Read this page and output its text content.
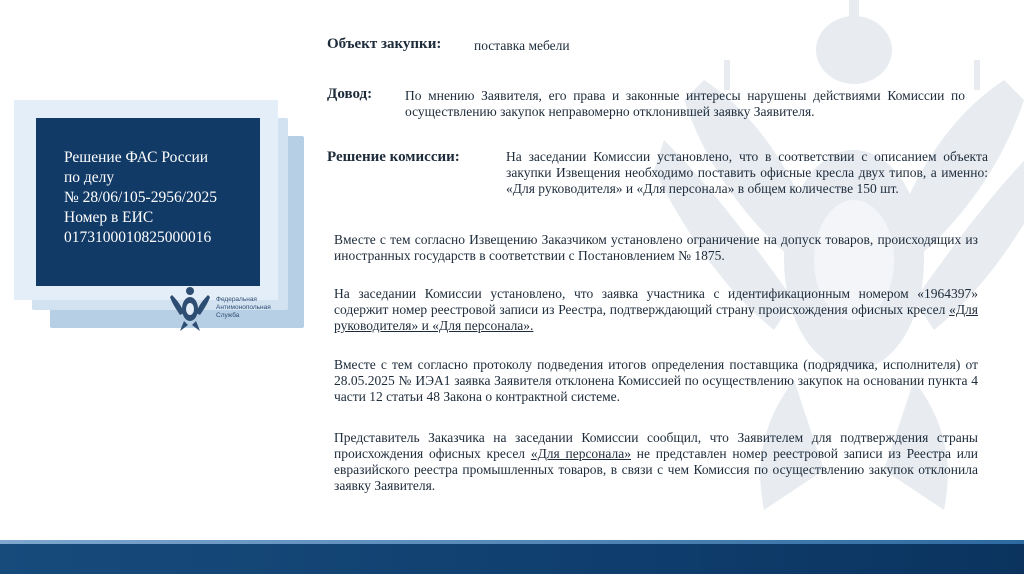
Решение ФАС России
по делу
№ 28/06/105-2956/2025
Номер в ЕИС
0173100010825000016
Федеральная
Антимонопольная
Служба
Объект закупки: поставка мебели
Довод: По мнению Заявителя, его права и законные интересы нарушены действиями Комиссии по осуществлению закупок неправомерно отклонившей заявку Заявителя.
Решение комиссии:	На заседании Комиссии установлено, что в соответствии с описанием объекта закупки Извещения необходимо поставить офисные кресла двух типов, а именно: «Для руководителя» и «Для персонала» в общем количестве 150 шт.
Вместе с тем согласно Извещению Заказчиком установлено ограничение на допуск товаров, происходящих из иностранных государств в соответствии с Постановлением № 1875.
На заседании Комиссии установлено, что заявка участника с идентификационным номером «1964397» содержит номер реестровой записи из Реестра, подтверждающий страну происхождения офисных кресел «Для руководителя» и «Для персонала».
Вместе с тем согласно протоколу подведения итогов определения поставщика (подрядчика, исполнителя) от 28.05.2025 № ИЭА1 заявка Заявителя отклонена Комиссией по осуществлению закупок на основании пункта 4 части 12 статьи 48 Закона о контрактной системе.
Представитель Заказчика на заседании Комиссии сообщил, что Заявителем для подтверждения страны происхождения офисных кресел «Для персонала» не представлен номер реестровой записи из Реестра или евразийского реестра промышленных товаров, в связи с чем Комиссия по осуществлению закупок отклонила заявку Заявителя.
